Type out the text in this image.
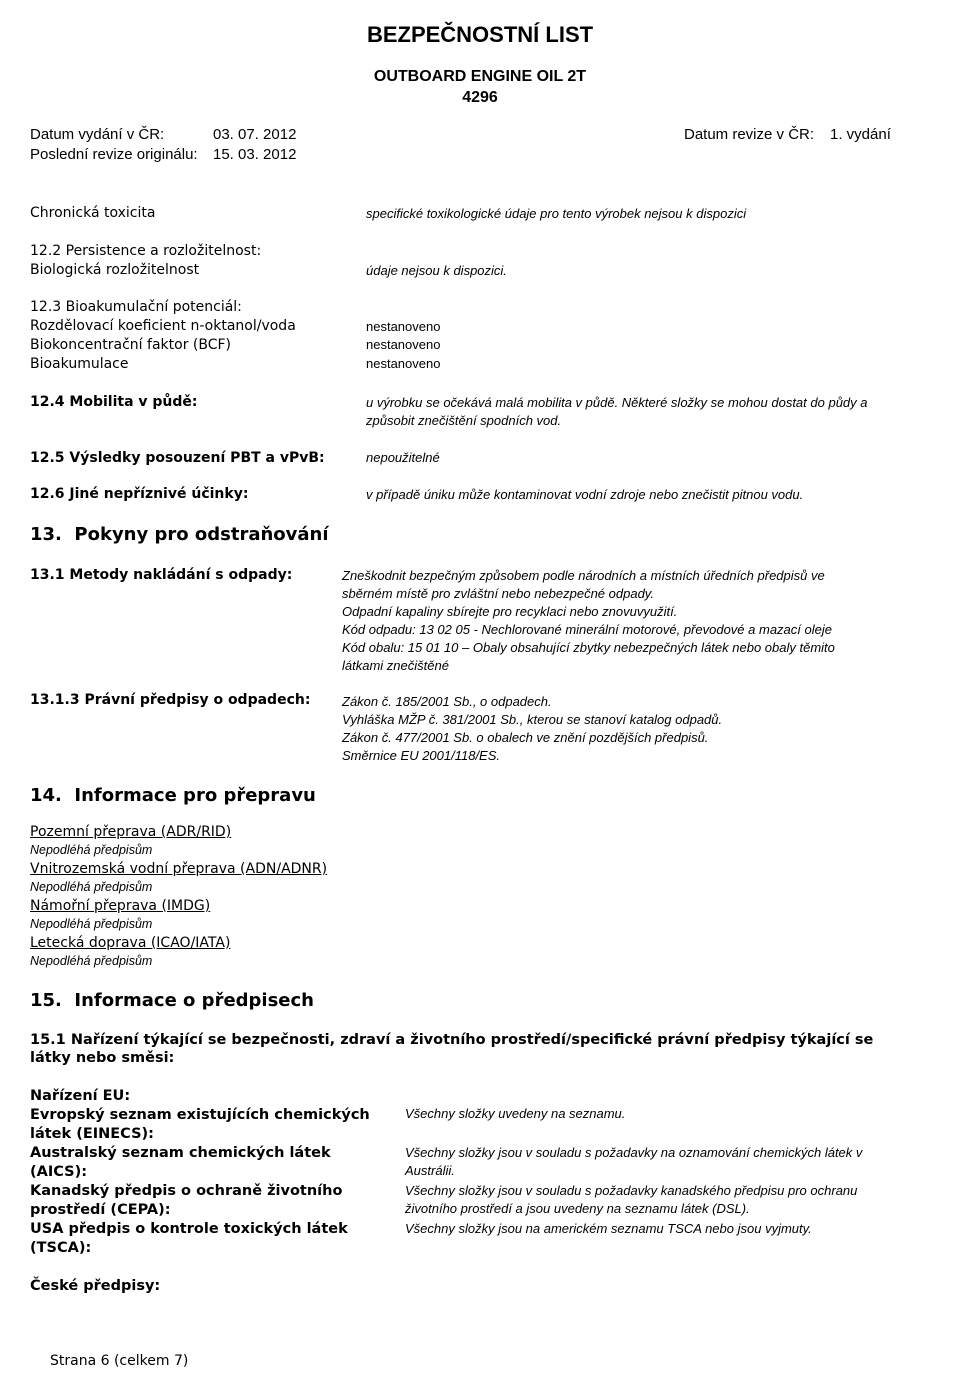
BEZPEČNOSTNÍ LIST
OUTBOARD ENGINE OIL 2T
4296
Datum vydání v ČR:	03. 07. 2012
Poslední revize originálu: 15. 03. 2012
Datum revize v ČR: 1. vydání
Chronická toxicita	specifické toxikologické údaje pro tento výrobek nejsou k dispozici
12.2 Persistence a rozložitelnost:
Biologická rozložitelnost	údaje nejsou k dispozici.
12.3 Bioakumulační potenciál:
Rozdělovací koeficient n-oktanol/voda	nestanoveno
Biokoncentrační faktor (BCF)	nestanoveno
Bioakumulace	nestanoveno
12.4 Mobilita v půdě:	u výrobku se očekává malá mobilita v půdě. Některé složky se mohou dostat do půdy a
způsobit znečištění spodních vod.
12.5 Výsledky posouzení PBT a vPvB:	nepoužitelné
12.6 Jiné nepříznivé účinky:	v případě úniku může kontaminovat vodní zdroje nebo znečistit pitnou vodu.
13.  Pokyny pro odstraňování
13.1 Metody nakládání s odpady:	Zneškodnit bezpečným způsobem podle národních a místních úředních předpisů ve
sběrném místě pro zvláštní nebo nebezpečné odpady.
Odpadní kapaliny sbírejte pro recyklaci nebo znovuvyužití.
Kód odpadu: 13 02 05 - Nechlorované minerální motorové, převodové a mazací oleje
Kód obalu: 15 01 10 – Obaly obsahující zbytky nebezpečných látek nebo obaly těmito
látkami znečištěné
13.1.3 Právní předpisy o odpadech: Zákon č. 185/2001 Sb., o odpadech.
Vyhláška MŽP č. 381/2001 Sb., kterou se stanoví katalog odpadů.
Zákon č. 477/2001 Sb. o obalech ve znění pozdějších předpisů.
Směrnice EU 2001/118/ES.
14.  Informace pro přepravu
Pozemní přeprava (ADR/RID)
Nepodléhá předpisům
Vnitrozemská vodní přeprava (ADN/ADNR)
Nepodléhá předpisům
Námořní přeprava (IMDG)
Nepodléhá předpisům
Letecká doprava (ICAO/IATA)
Nepodléhá předpisům
15.  Informace o předpisech
15.1 Nařízení týkající se bezpečnosti, zdraví a životního prostředí/specifické právní předpisy týkající se
látky nebo směsi:
Nařízení EU:
Evropský seznam existujících chemických
látek (EINECS):
Všechny složky uvedeny na seznamu.
Australský seznam chemických látek
(AICS):
Všechny složky jsou v souladu s požadavky na oznamování chemických látek v
Austrálii.
Kanadský předpis o ochraně životního
prostředí (CEPA):
Všechny složky jsou v souladu s požadavky kanadského předpisu pro ochranu
životního prostředí a jsou uvedeny na seznamu látek (DSL).
USA předpis o kontrole toxických látek
(TSCA):
Všechny složky jsou na americkém seznamu TSCA nebo jsou vyjmuty.
České předpisy:
Strana 6 (celkem 7)
